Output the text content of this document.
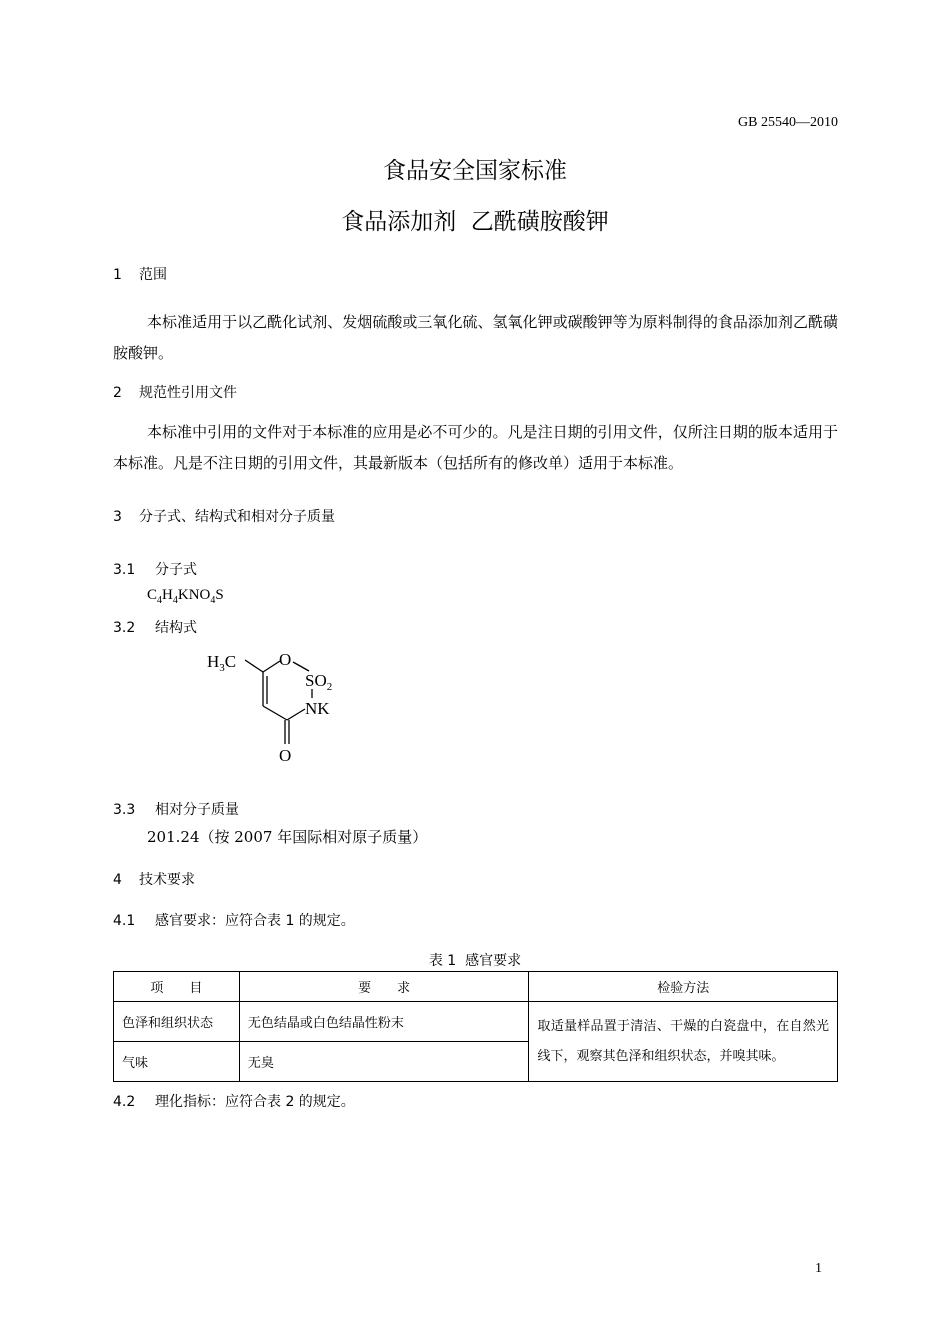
GB 25540—2010
食品安全国家标准
食品添加剂  乙酰磺胺酸钾
1 范围
本标准适用于以乙酰化试剂、发烟硫酸或三氧化硫、氢氧化钾或碳酸钾等为原料制得的食品添加剂乙酰磺胺酸钾。
2 规范性引用文件
本标准中引用的文件对于本标准的应用是必不可少的。凡是注日期的引用文件，仅所注日期的版本适用于本标准。凡是不注日期的引用文件，其最新版本（包括所有的修改单）适用于本标准。
3 分子式、结构式和相对分子质量
3.1 分子式
$C_4H_4KNO_4S$
3.2 结构式
$H_3C$	O
$SO_2$
NK
O
3.3 相对分子质量
201.24（按 2007 年国际相对原子质量）
4 技术要求
4.1 感官要求：应符合表 1 的规定。
表 1  感官要求
项　　目	要　　求	检验方法
色泽和组织状态	无色结晶或白色结晶性粉末	取适量样品置于清洁、干燥的白瓷盘中，在自然光线下，观察其色泽和组织状态，并嗅其味。
气味	无臭	
4.2 理化指标：应符合表 2 的规定。
1
